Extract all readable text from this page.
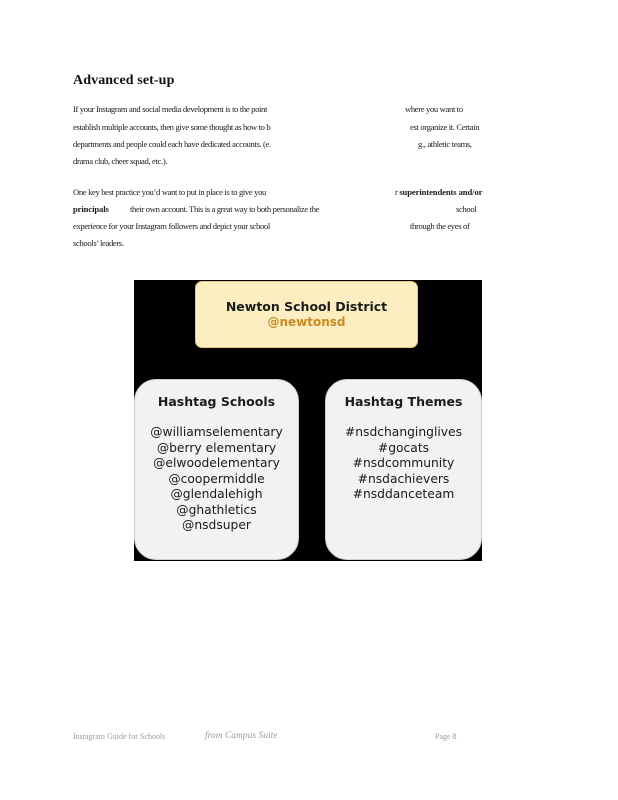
Advanced set-up
If your Instagram and social media development is to the point	where you want to
establish multiple accounts, then give some thought as how to b	est organize it. Certain
departments and people could each have dedicated accounts. (e.	g., athletic teams,
drama club, cheer squad, etc.).
One key best practice you’d want to put in place is to give you	r superintendents and/or
principals their own account. This is a great way to both personalize the	school
experience for your Instagram followers and depict your school	through the eyes of
schools’ leaders.
Newton School District
@newtonsd
Hashtag Schools
@williamselementary
@berry elementary
@elwoodelementary
@coopermiddle
@glendalehigh
@ghathletics
@nsdsuper
Hashtag Themes
#nsdchanginglives
#gocats
#nsdcommunity
#nsdachievers
#nsddanceteam
Instagram Guide for Schools	from Campus Suite	Page 8
